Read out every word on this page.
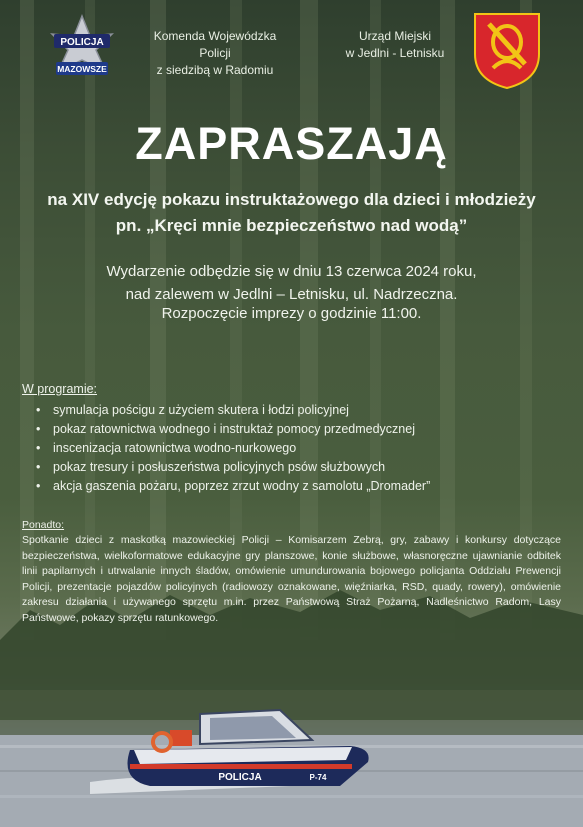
POLICJA
MAZOWSZE
Komenda Wojewódzka Policji
z siedzibą w Radomiu
Urząd Miejski
w Jedlni - Letnisku
ZAPRASZAJĄ
na XIV edycję pokazu instruktażowego dla dzieci i młodzieży
pn. „Kręci mnie bezpieczeństwo nad wodą”
Wydarzenie odbędzie się w dniu 13 czerwca 2024 roku,
nad zalewem w Jedlni – Letnisku, ul. Nadrzeczna.
Rozpoczęcie imprezy o godzinie 11:00.
W programie:
• symulacja pościgu z użyciem skutera i łodzi policyjnej
• pokaz ratownictwa wodnego i instruktaż pomocy przedmedycznej
• inscenizacja ratownictwa wodno-nurkowego
• pokaz tresury i posłuszeństwa policyjnych psów służbowych
• akcja gaszenia pożaru, poprzez zrzut wodny z samolotu „Dromader”
Ponadto:
Spotkanie dzieci z maskotką mazowieckiej Policji – Komisarzem Zebrą, gry, zabawy i konkursy dotyczące bezpieczeństwa, wielkoformatowe edukacyjne gry planszowe, konie służbowe, własnoręczne ujawnianie odbitek linii papilarnych i utrwalanie innych śladów, omówienie umundurowania bojowego policjanta Oddziału Prewencji Policji, prezentacje pojazdów policyjnych (radiowozy oznakowane, więźniarka, RSD, quady, rowery), omówienie zakresu działania i używanego sprzętu m.in. przez Państwową Straż Pożarną, Nadleśnictwo Radom, Lasy Państwowe, pokazy sprzętu ratunkowego.
POLICJA	P-74
